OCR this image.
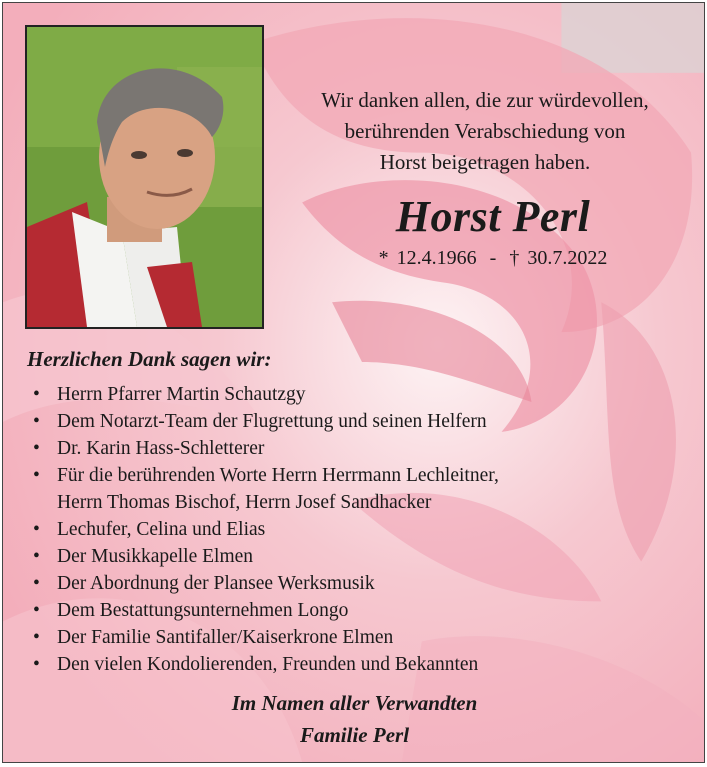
Wir danken allen, die zur würdevollen,
berührenden Verabschiedung von
Horst beigetragen haben.
Horst Perl
* 12.4.1966 - † 30.7.2022
Herzlichen Dank sagen wir:
• Herrn Pfarrer Martin Schautzgy
• Dem Notarzt-Team der Flugrettung und seinen Helfern
• Dr. Karin Hass-Schletterer
• Für die berührenden Worte Herrn Herrmann Lechleitner,
Herrn Thomas Bischof, Herrn Josef Sandhacker
• Lechufer, Celina und Elias
• Der Musikkapelle Elmen
• Der Abordnung der Plansee Werksmusik
• Dem Bestattungsunternehmen Longo
• Der Familie Santifaller/Kaiserkrone Elmen
• Den vielen Kondolierenden, Freunden und Bekannten
Im Namen aller Verwandten
Familie Perl
